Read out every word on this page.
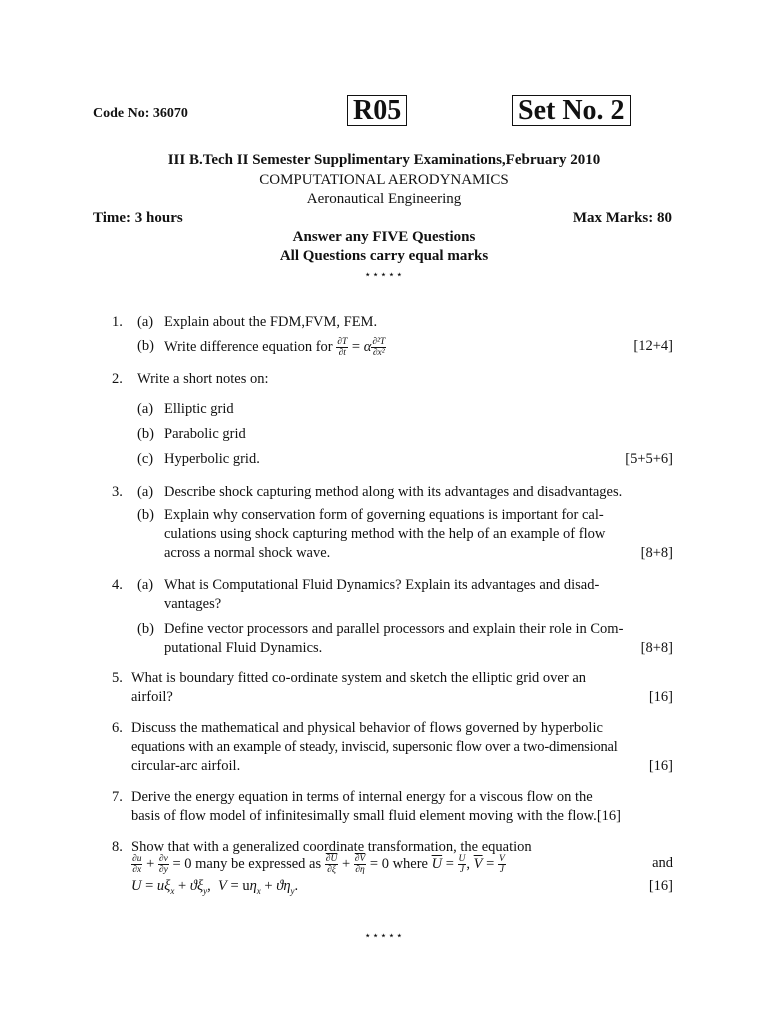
Code No: 36070	R05	Set No. 2
III B.Tech II Semester Supplimentary Examinations,February 2010
COMPUTATIONAL AERODYNAMICS
Aeronautical Engineering
Time: 3 hours	Max Marks: 80
Answer any FIVE Questions
All Questions carry equal marks
⋆⋆⋆⋆⋆
1. (a) Explain about the FDM,FVM, FEM.
(b) Write difference equation for $\frac{\partial T}{\partial t} = \alpha \frac{\text{∂²T}}{\text{∂x²}}$	[12+4]
2. Write a short notes on:
(a) Elliptic grid
(b) Parabolic grid
(c) Hyperbolic grid.	[5+5+6]
3. (a) Describe shock capturing method along with its advantages and disadvantages.
(b) Explain why conservation form of governing equations is important for cal-
culations using shock capturing method with the help of an example of flow
across a normal shock wave.	[8+8]
4. (a) What is Computational Fluid Dynamics? Explain its advantages and disad-
vantages?
(b) Define vector processors and parallel processors and explain their role in Com-
putational Fluid Dynamics.	[8+8]
5. What is boundary fitted co-ordinate system and sketch the elliptic grid over an
airfoil?	[16]
6. Discuss the mathematical and physical behavior of flows governed by hyperbolic
equations with an example of steady, inviscid, supersonic flow over a two-dimensional
circular-arc airfoil.	[16]
7. Derive the energy equation in terms of internal energy for a viscous flow on the
basis of flow model of infinitesimally small fluid element moving with the flow.[16]
8. Show that with a generalized coordinate transformation, the equation
$\frac{\partial u}{\partial x} + \frac{\partial v}{\partial y} = 0$ many be expressed as $\frac{\partial U}{\partial\xi} + \frac{\partial V}{\partial\eta} = 0$ where $\overline{U} = \frac{U}{J}$ , $\overline{V} = \frac{V}{J}$	and
$U = u\xi_x + ϑ\xi_y$,  $V = u\eta_x + ϑ\eta_y$.	[16]
⋆⋆⋆⋆⋆
